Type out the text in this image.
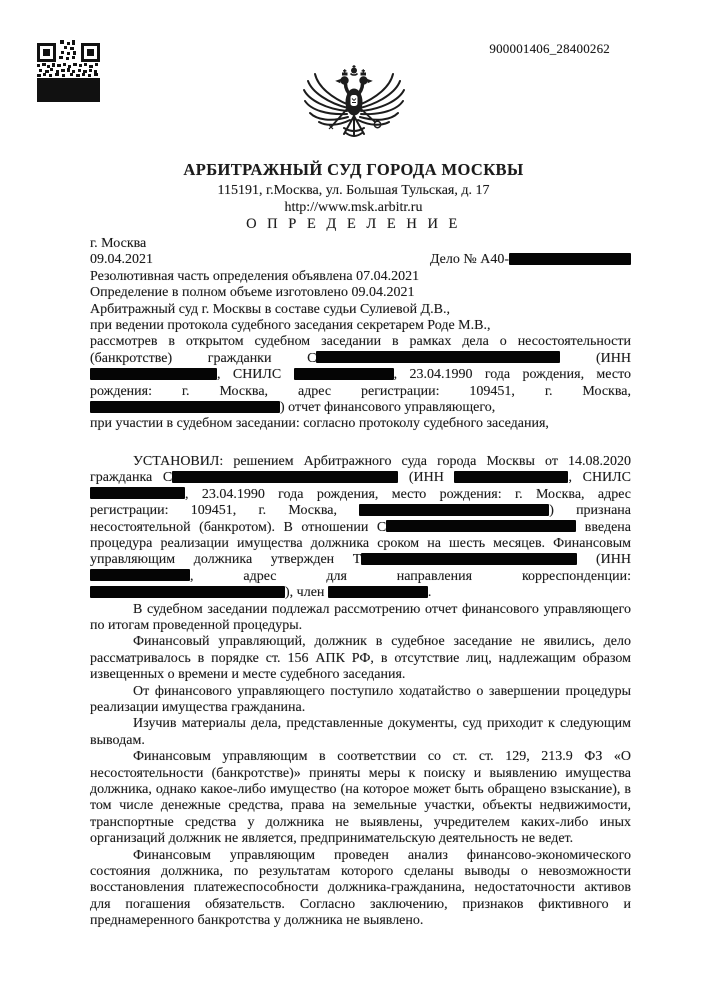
900001406_28400262
АРБИТРАЖНЫЙ СУД ГОРОДА МОСКВЫ
115191, г.Москва, ул. Большая Тульская, д. 17
http://www.msk.arbitr.ru
О П Р Е Д Е Л Е Н И Е

г. Москва

09.04.2021	Дело № А40-

Резолютивная часть определения объявлена 07.04.2021

Определение в полном объеме изготовлено 09.04.2021

Арбитражный суд г. Москвы в составе судьи Сулиевой Д.В.,

при ведении протокола судебного заседания секретарем Роде М.В.,

рассмотрев в открытом судебном заседании в рамках дела о несостоятельности (банкротстве) гражданки С	(ИНН , СНИЛС	, 23.04.1990 года рождения, место рождения: г. Москва, адрес регистрации: 109451, г. Москва, ) отчет финансового управляющего,

при участии в судебном заседании: согласно протоколу судебного заседания,

УСТАНОВИЛ: решением Арбитражного суда города Москвы от 14.08.2020 гражданка С	(ИНН	, СНИЛС , 23.04.1990 года рождения, место рождения: г. Москва, адрес регистрации: 109451, г. Москва,	) признана несостоятельной (банкротом). В отношении С	введена процедура реализации имущества должника сроком на шесть месяцев. Финансовым управляющим должника утвержден Т	(ИНН , адрес для направления корреспонденции: ), член	.

В судебном заседании подлежал рассмотрению отчет финансового управляющего по итогам проведенной процедуры.

Финансовый управляющий, должник в судебное заседание не явились, дело рассматривалось в порядке ст. 156 АПК РФ, в отсутствие лиц, надлежащим образом извещенных о времени и месте судебного заседания.

От финансового управляющего поступило ходатайство о завершении процедуры реализации имущества гражданина.

Изучив материалы дела, представленные документы, суд приходит к следующим выводам.

Финансовым управляющим в соответствии со ст. ст. 129, 213.9 ФЗ «О несостоятельности (банкротстве)» приняты меры к поиску и выявлению имущества должника, однако какое-либо имущество (на которое может быть обращено взыскание), в том числе денежные средства, права на земельные участки, объекты недвижимости, транспортные средства у должника не выявлены, учредителем каких-либо иных организаций должник не является, предпринимательскую деятельность не ведет.

Финансовым управляющим проведен анализ финансово-экономического состояния должника, по результатам которого сделаны выводы о невозможности восстановления платежеспособности должника-гражданина, недостаточности активов для погашения обязательств. Согласно заключению, признаков фиктивного и преднамеренного банкротства у должника не выявлено.
